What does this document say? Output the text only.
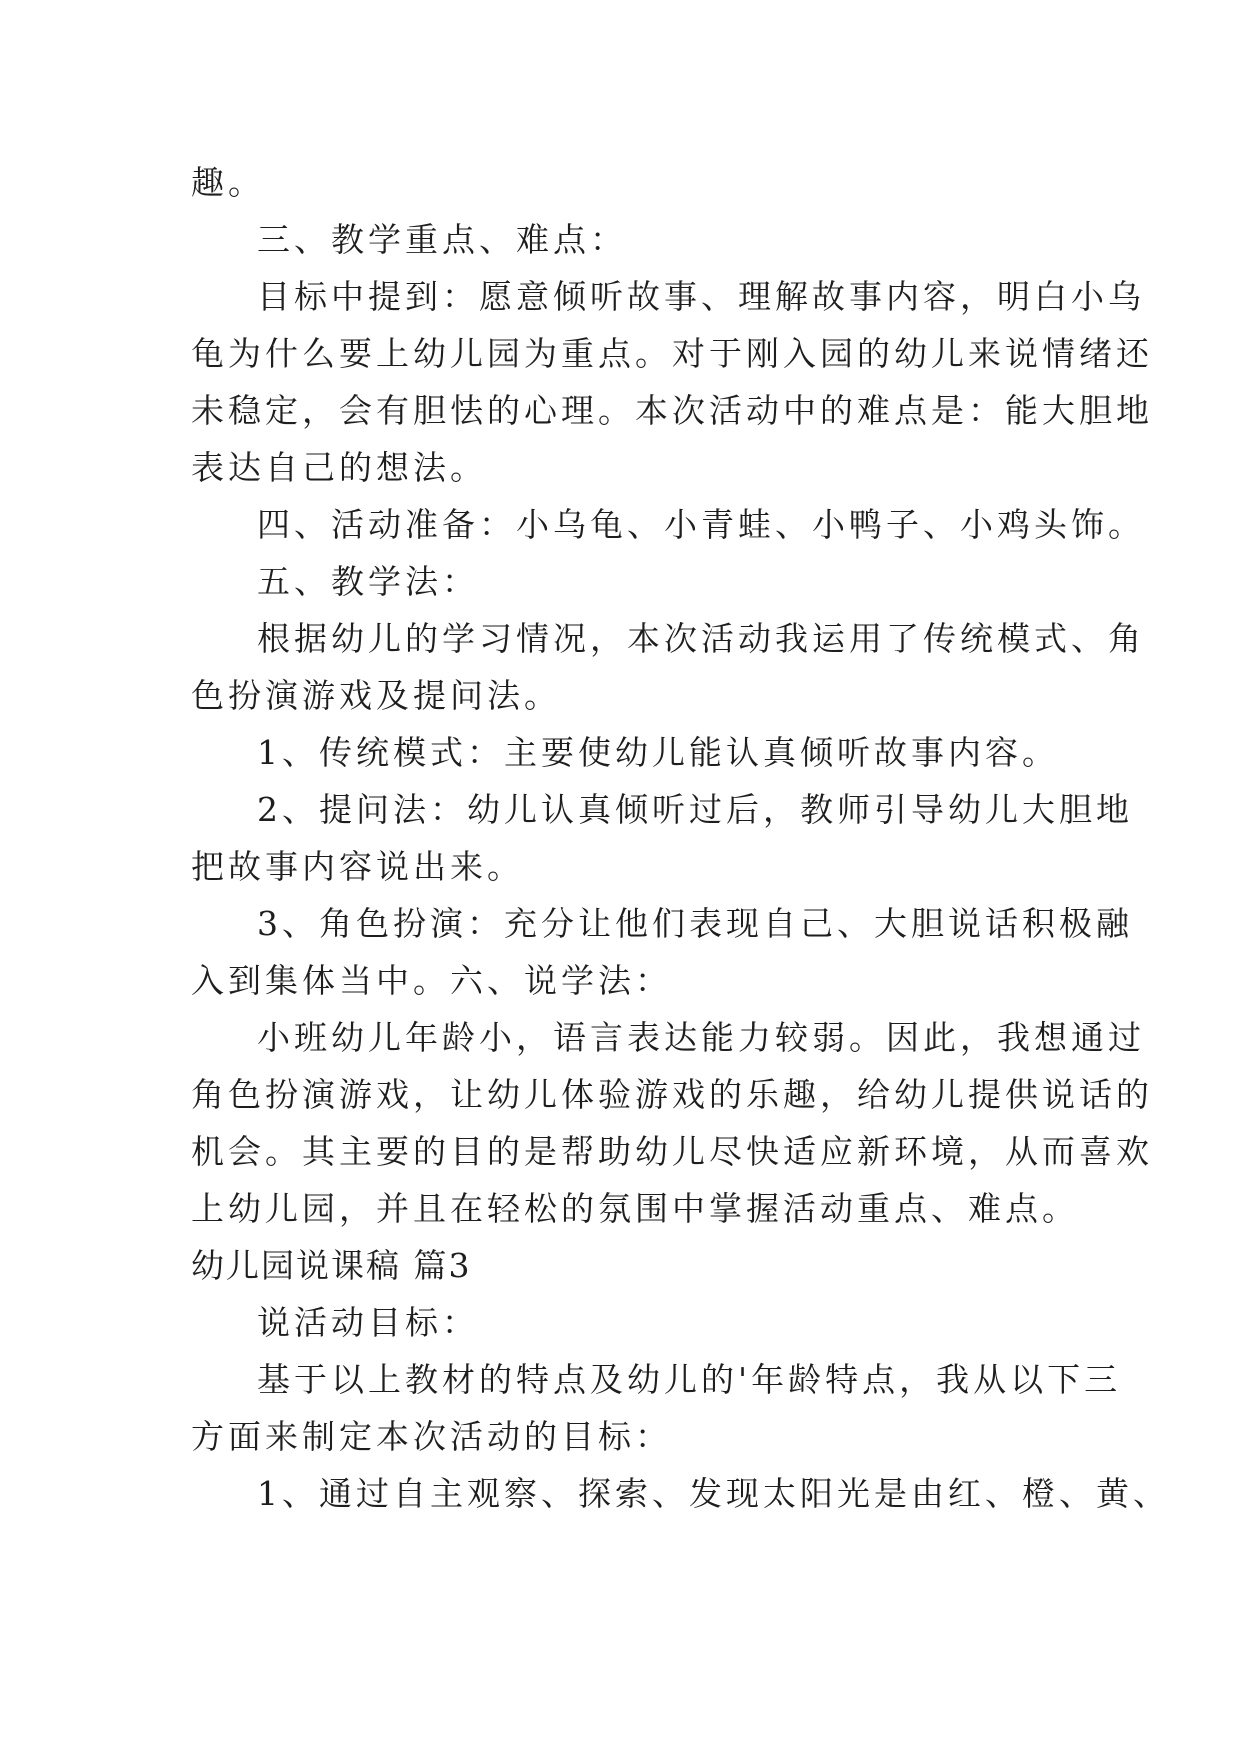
趣。

三、教学重点、难点：

目标中提到：愿意倾听故事、理解故事内容，明白小乌

龟为什么要上幼儿园为重点。对于刚入园的幼儿来说情绪还

未稳定，会有胆怯的心理。本次活动中的难点是：能大胆地

表达自己的想法。

四、活动准备：小乌龟、小青蛙、小鸭子、小鸡头饰。

五、教学法：

根据幼儿的学习情况，本次活动我运用了传统模式、角

色扮演游戏及提问法。

1、传统模式：主要使幼儿能认真倾听故事内容。

2、提问法：幼儿认真倾听过后，教师引导幼儿大胆地

把故事内容说出来。

3、角色扮演：充分让他们表现自己、大胆说话积极融

入到集体当中。六、说学法：

小班幼儿年龄小，语言表达能力较弱。因此，我想通过

角色扮演游戏，让幼儿体验游戏的乐趣，给幼儿提供说话的

机会。其主要的目的是帮助幼儿尽快适应新环境，从而喜欢

上幼儿园，并且在轻松的氛围中掌握活动重点、难点。

幼儿园说课稿 篇3

说活动目标：

基于以上教材的特点及幼儿的'年龄特点，我从以下三

方面来制定本次活动的目标：

1、通过自主观察、探索、发现太阳光是由红、橙、黄、
